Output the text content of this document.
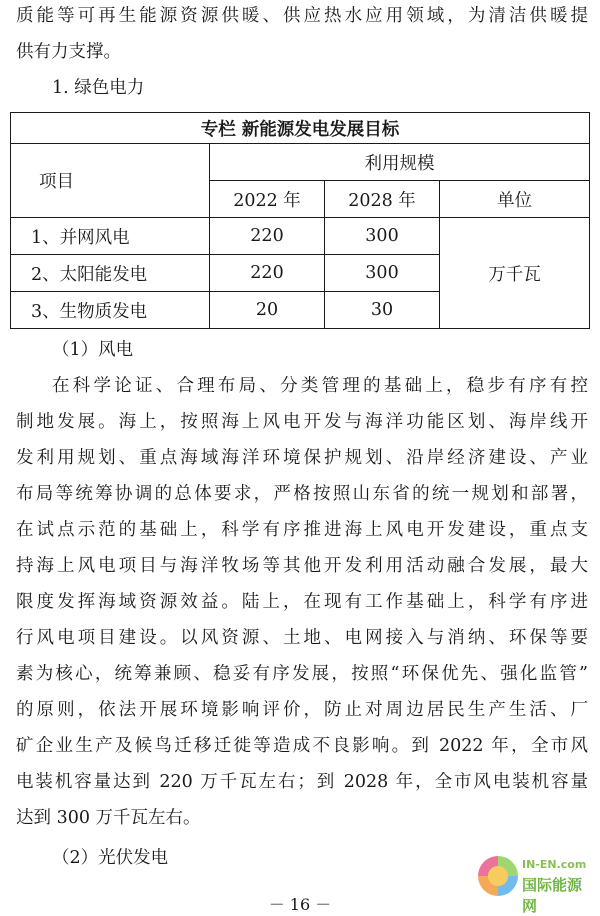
质能等可再生能源资源供暖、供应热水应用领域，为清洁供暖提
供有力支撑。
1. 绿色电力
专栏 新能源发电发展目标			
项目	利用规模		
	2022 年	2028 年	单位
1、并网风电	220	300	万千瓦
2、太阳能发电	220	300	
3、生物质发电	20	30	
（1）风电
在科学论证、合理布局、分类管理的基础上，稳步有序有控
制地发展。海上，按照海上风电开发与海洋功能区划、海岸线开
发利用规划、重点海域海洋环境保护规划、沿岸经济建设、产业
布局等统筹协调的总体要求，严格按照山东省的统一规划和部署，
在试点示范的基础上，科学有序推进海上风电开发建设，重点支
持海上风电项目与海洋牧场等其他开发利用活动融合发展，最大
限度发挥海域资源效益。陆上，在现有工作基础上，科学有序进
行风电项目建设。以风资源、土地、电网接入与消纳、环保等要
素为核心，统筹兼顾、稳妥有序发展，按照“环保优先、强化监管”
的原则，依法开展环境影响评价，防止对周边居民生产生活、厂
矿企业生产及候鸟迁移迁徙等造成不良影响。到 2022 年，全市风
电装机容量达到 220 万千瓦左右；到 2028 年，全市风电装机容量
达到 300 万千瓦左右。
（2）光伏发电
－ 16 －
IN-EN.com
国际能源网
